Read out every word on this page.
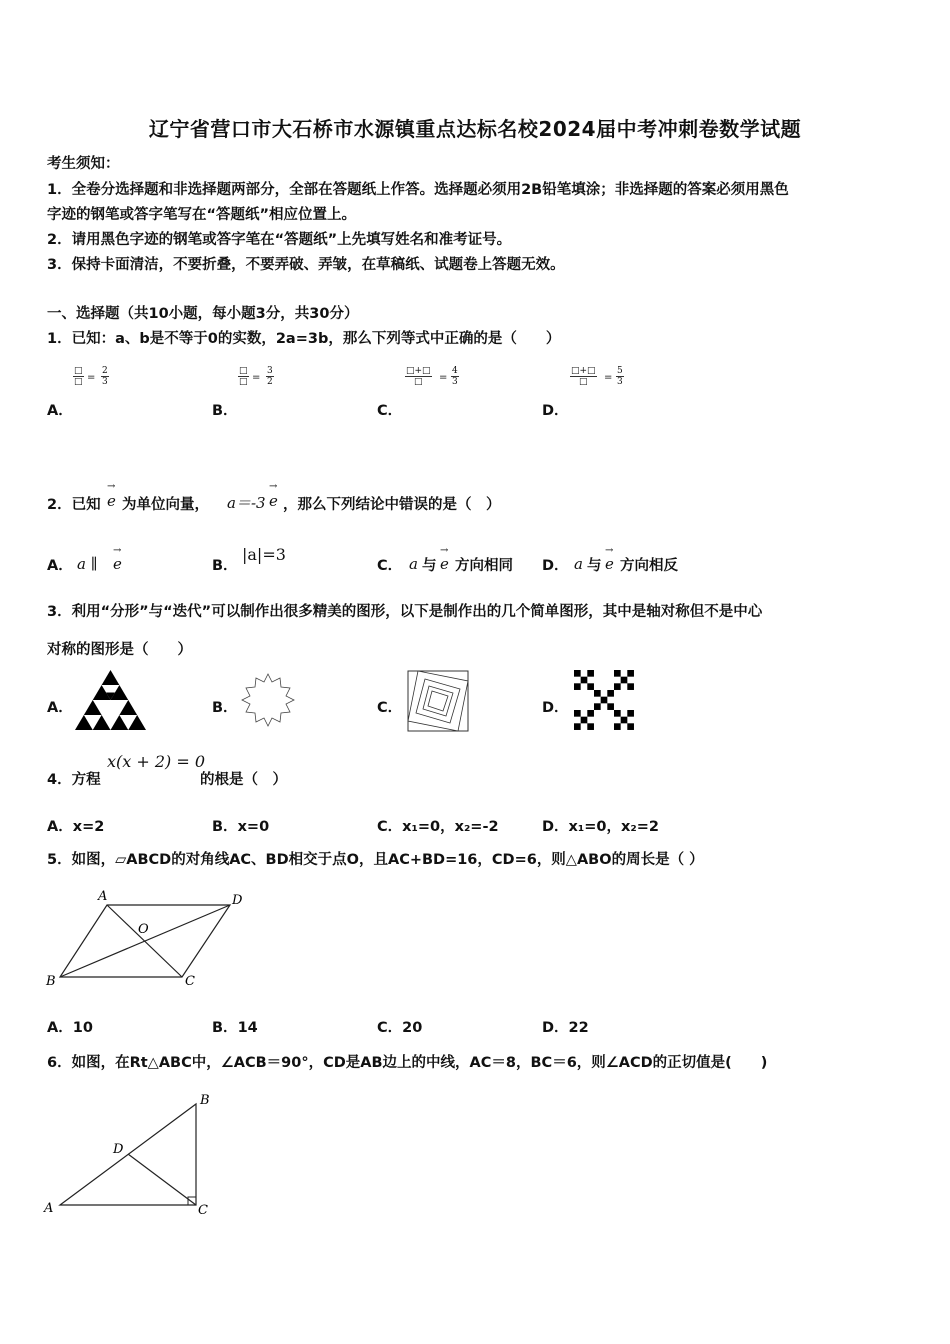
辽宁省营口市大石桥市水源镇重点达标名校2024届中考冲刺卷数学试题
考生须知：
1．全卷分选择题和非选择题两部分，全部在答题纸上作答。选择题必须用2B铅笔填涂；非选择题的答案必须用黑色
字迹的钢笔或答字笔写在“答题纸”相应位置上。
2．请用黑色字迹的钢笔或答字笔在“答题纸”上先填写姓名和准考证号。
3．保持卡面清洁，不要折叠，不要弄破、弄皱，在草稿纸、试题卷上答题无效。
一、选择题（共10小题，每小题3分，共30分）
1．已知：a、b是不等于0的实数，2a=3b，那么下列等式中正确的是（　　）
□
□ = $\frac{2}{3}$
A．
□
□ = $\frac{3}{2}$
B．
□+□
□	= $\frac{4}{3}$
C．
□+□
□	= $\frac{5}{3}$
D．
2．已知
→
e 为单位向量， a＝-3
→
e ，那么下列结论中错误的是（　）
A． a ∥
→
e	B．
|a|=3
C． a 与
→
e 方向相同 D． a 与
→
e 方向相反
3．利用“分形”与“迭代”可以制作出很多精美的图形，以下是制作出的几个简单图形，其中是轴对称但不是中心
对称的图形是（　　）
A．	B．	C．	D．
4．方程
x(x + 2) = 0
的根是（　）
A．x=2	B．x=0	C．x₁=0，x₂=-2	D．x₁=0，x₂=2
5．如图，▱ABCD的对角线AC、BD相交于点O，且AC+BD=16，CD=6，则△ABO的周长是（ ）
A	D
O
B	C
A．10	B．14	C．20	D．22
6．如图，在Rt△ABC中，∠ACB＝90°，CD是AB边上的中线，AC＝8，BC＝6，则∠ACD的正切值是(　　)
A
B
C
D
